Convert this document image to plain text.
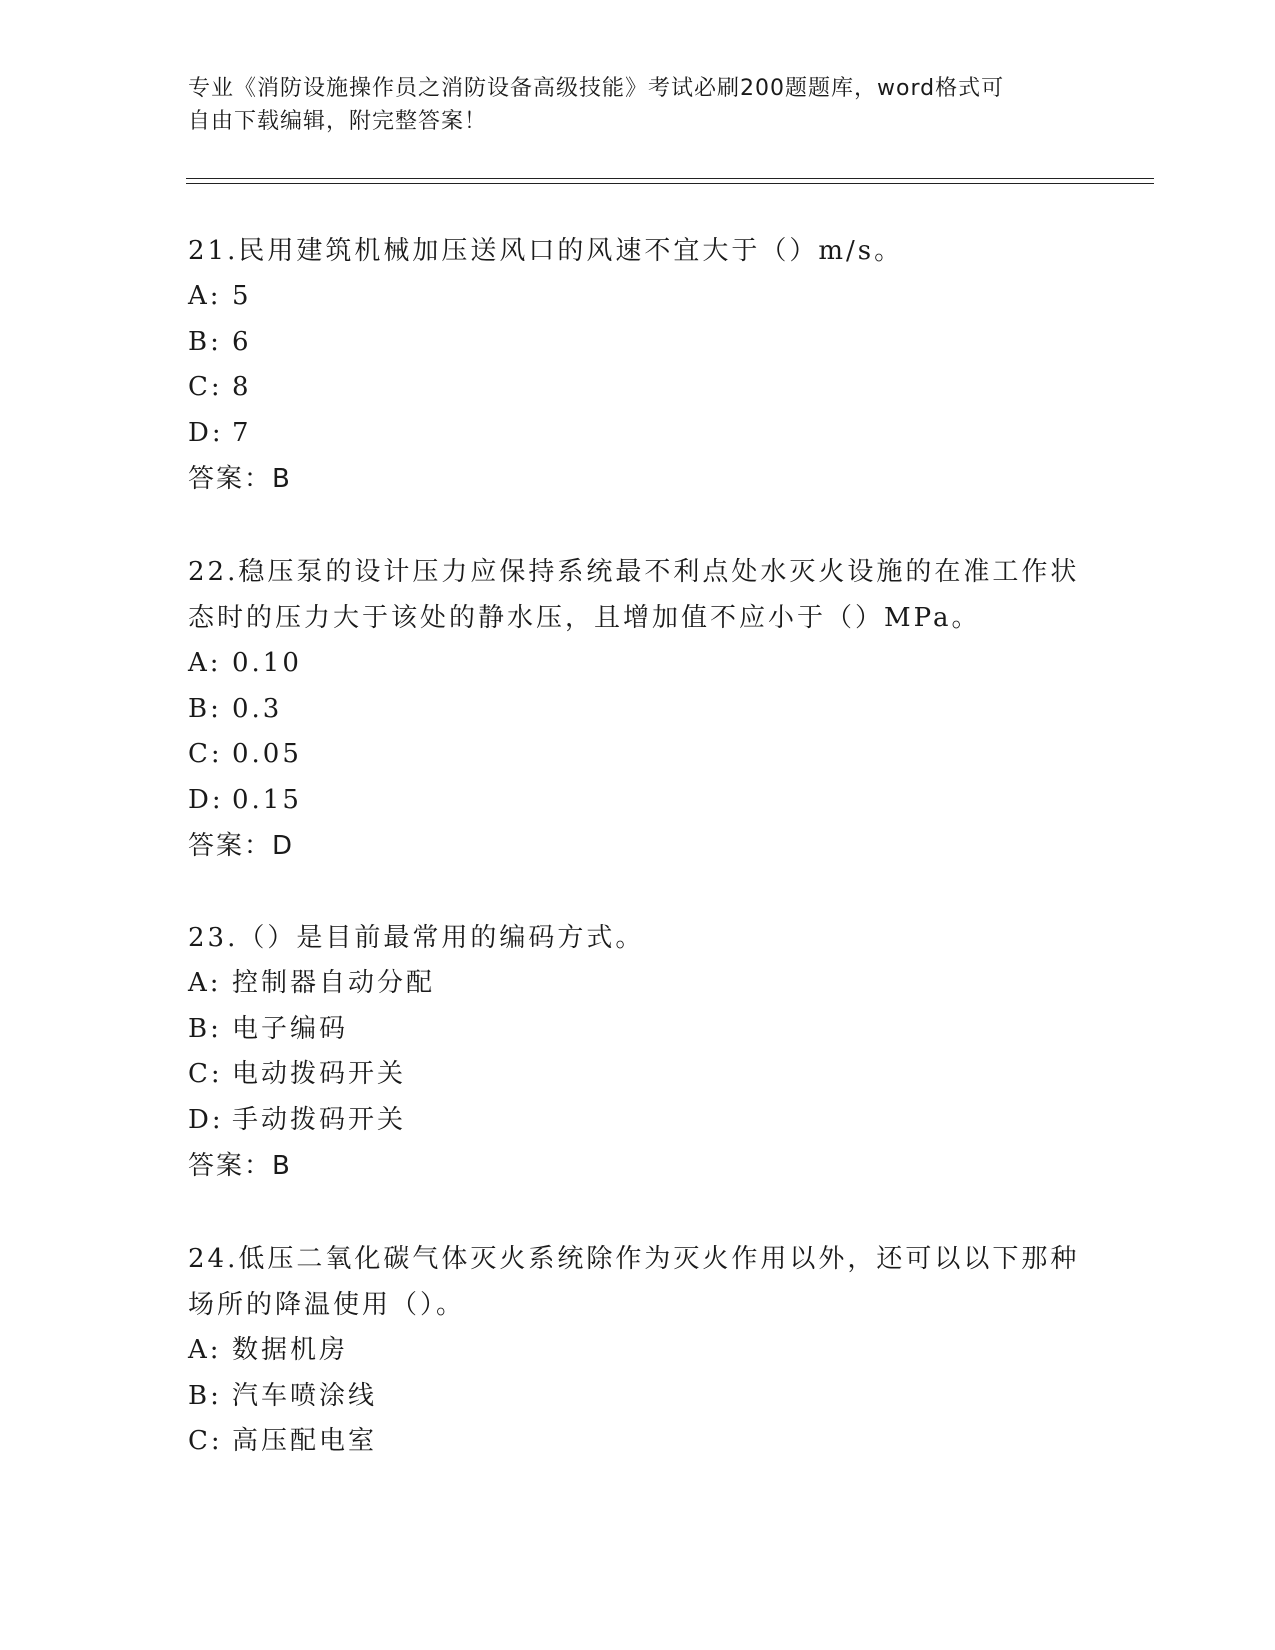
专业《消防设施操作员之消防设备高级技能》考试必刷200题题库，word格式可
自由下载编辑，附完整答案！
21.民用建筑机械加压送风口的风速不宜大于（）m/s。
A: 5
B: 6
C: 8
D: 7
答案：B
22.稳压泵的设计压力应保持系统最不利点处水灭火设施的在准工作状
态时的压力大于该处的静水压，且增加值不应小于（）MPa。
A: 0.10
B: 0.3
C: 0.05
D: 0.15
答案：D
23.（）是目前最常用的编码方式。
A: 控制器自动分配
B: 电子编码
C: 电动拨码开关
D: 手动拨码开关
答案：B
24.低压二氧化碳气体灭火系统除作为灭火作用以外，还可以以下那种
场所的降温使用（）。
A: 数据机房
B: 汽车喷涂线
C: 高压配电室
